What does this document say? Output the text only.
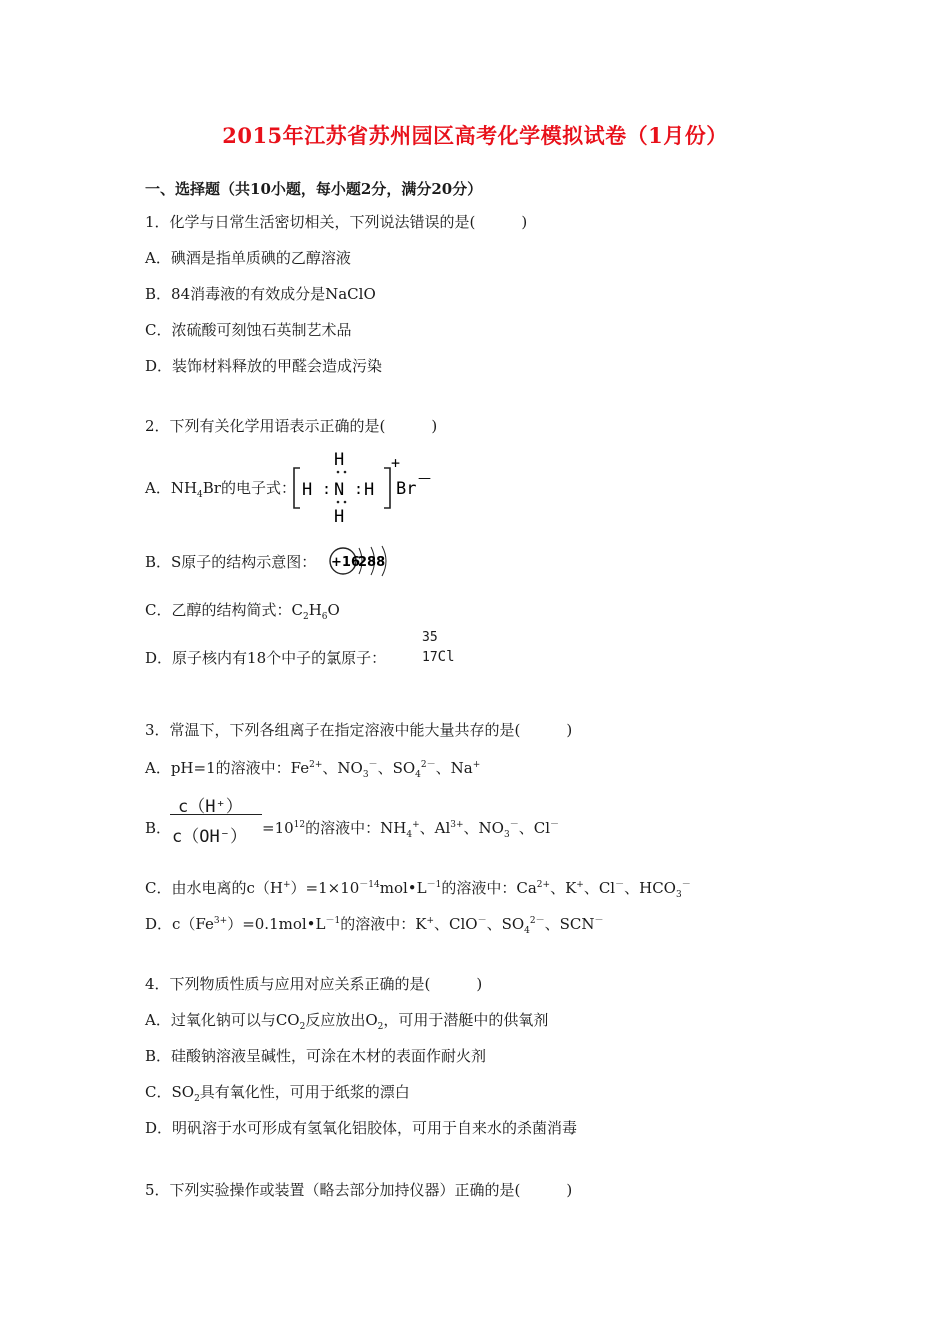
2015年江苏省苏州园区高考化学模拟试卷（1月份）
一、选择题（共10小题，每小题2分，满分20分）
1．化学与日常生活密切相关，下列说法错误的是(	)
A．碘酒是指单质碘的乙醇溶液
B．84消毒液的有效成分是NaClO
C．浓硫酸可刻蚀石英制艺术品
D．装饰材料释放的甲醛会造成污染
2．下列有关化学用语表示正确的是(	)
A．$NH_4Br$的电子式： H : N : H
H
H
+
Br
—
B．S原子的结构示意图： +16
288
C．乙醇的结构简式：$C_2H_6O$
D．原子核内有18个中子的氯原子：
35
17Cl
3．常温下，下列各组离子在指定溶液中能大量共存的是(	)
A．pH=1的溶液中：$Fe^{2+}$、$NO_3^-$、$SO_4^{2-}$、Na+
B．
c（H⁺）
$c(OH^-) =10^{12}$的溶液中：$NH_4^+$、$Al^{3+}$、$NO_3^-$、Cl－
C．由水电离的$c(H^+)=1\times 10^{-14}mol•L^{-1}$的溶液中：$Ca^{2+}$、K+、Cl－、$HCO_3^-$
D．$c(Fe^{3+})=0.1mol•L^{-1}$的溶液中：K+、ClO－、$SO_4^{2-}$、SCN－
4．下列物质性质与应用对应关系正确的是(	)
A．过氧化钠可以与$CO_2$反应放出$O_2$，可用于潜艇中的供氧剂
B．硅酸钠溶液呈碱性，可涂在木材的表面作耐火剂
C．$SO_2$具有氧化性，可用于纸浆的漂白
D．明矾溶于水可形成有氢氧化铝胶体，可用于自来水的杀菌消毒
5．下列实验操作或装置（略去部分加持仪器）正确的是(	)
